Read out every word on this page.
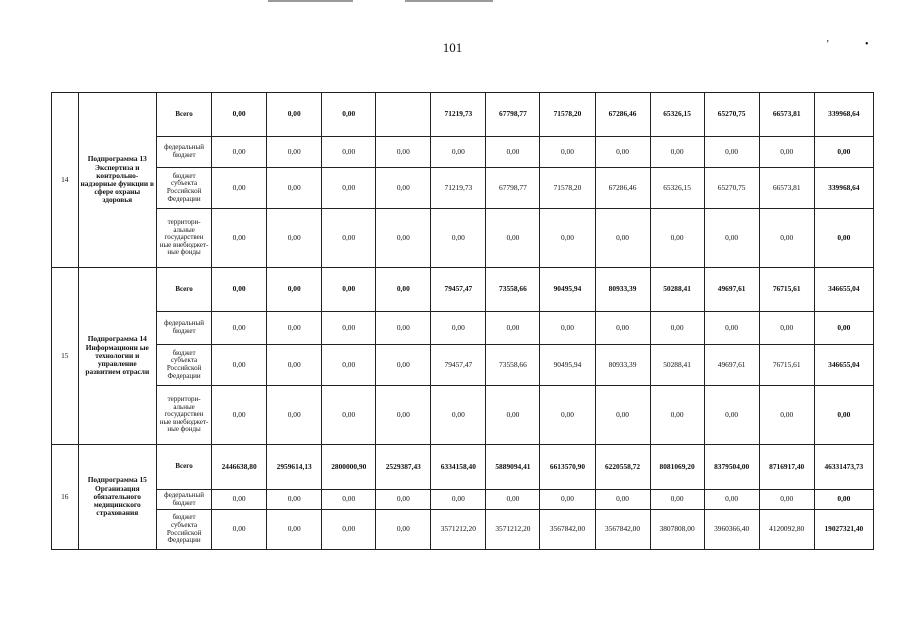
101	’	•
14	Подпрограмма 13 Экспертиза и контрольно-надзорные функции в сфере охраны здоровья	Всего	0,00	0,00	0,00		71219,73	67798,77	71578,20	67286,46	65326,15	65270,75	66573,81	339968,64
		федеральный бюджет	0,00	0,00	0,00	0,00	0,00	0,00	0,00	0,00	0,00	0,00	0,00	0,00
		бюджет субъекта Российской Федерации	0,00	0,00	0,00	0,00	71219,73	67798,77	71578,20	67286,46	65326,15	65270,75	66573,81	339968,64
		территори-альные государствен ные внебюджет-ные фонды	0,00	0,00	0,00	0,00	0,00	0,00	0,00	0,00	0,00	0,00	0,00	0,00
15	Подпрограмма 14 Информационн ые технологии и управление развитием отрасли	Всего	0,00	0,00	0,00	0,00	79457,47	73558,66	90495,94	80933,39	50288,41	49697,61	76715,61	346655,04
		федеральный бюджет	0,00	0,00	0,00	0,00	0,00	0,00	0,00	0,00	0,00	0,00	0,00	0,00
		бюджет субъекта Российской Федерации	0,00	0,00	0,00	0,00	79457,47	73558,66	90495,94	80933,39	50288,41	49697,61	76715,61	346655,04
		территори-альные государствен ные внебюджет-ные фонды	0,00	0,00	0,00	0,00	0,00	0,00	0,00	0,00	0,00	0,00	0,00	0,00
16	Подпрограмма 15 Организация обязательного медицинского страхования	Всего	2446638,80	2959614,13	2800000,90	2529387,43	6334158,40	5889094,41	6613570,90	6220558,72	8081069,20	8379504,00	8716917,40	46331473,73
		федеральный бюджет	0,00	0,00	0,00	0,00	0,00	0,00	0,00	0,00	0,00	0,00	0,00	0,00
		бюджет субъекта Российской Федерации	0,00	0,00	0,00	0,00	3571212,20	3571212,20	3567842,00	3567842,00	3807808,00	3960366,40	4120092,80	19027321,40
